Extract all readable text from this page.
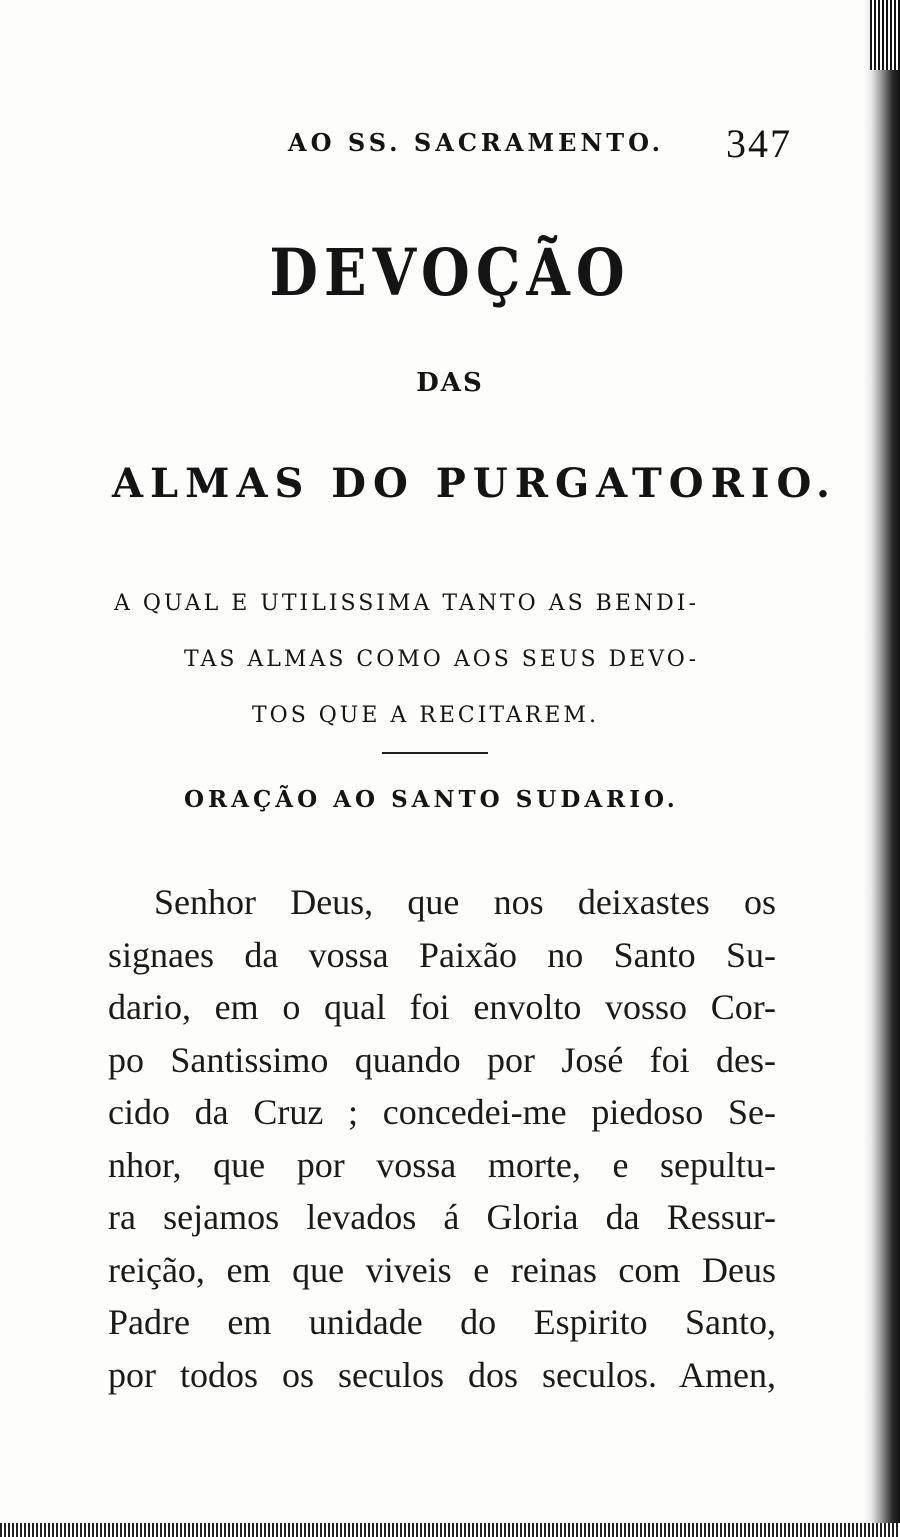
AO SS. SACRAMENTO. 347
DEVOÇÃO
DAS
ALMAS DO PURGATORIO.
A QUAL E UTILISSIMA TANTO AS BENDI-
TAS ALMAS COMO AOS SEUS DEVO-
TOS QUE A RECITAREM.
ORAÇÃO AO SANTO SUDARIO.
Senhor Deus, que nos deixastes os
signaes da vossa Paixão no Santo Su-
dario, em o qual foi envolto vosso Cor-
po Santissimo quando por José foi des-
cido da Cruz ; concedei-me piedoso Se-
nhor, que por vossa morte, e sepultu-
ra sejamos levados á Gloria da Ressur-
reição, em que viveis e reinas com Deus
Padre em unidade do Espirito Santo,
por todos os seculos dos seculos. Amen,
